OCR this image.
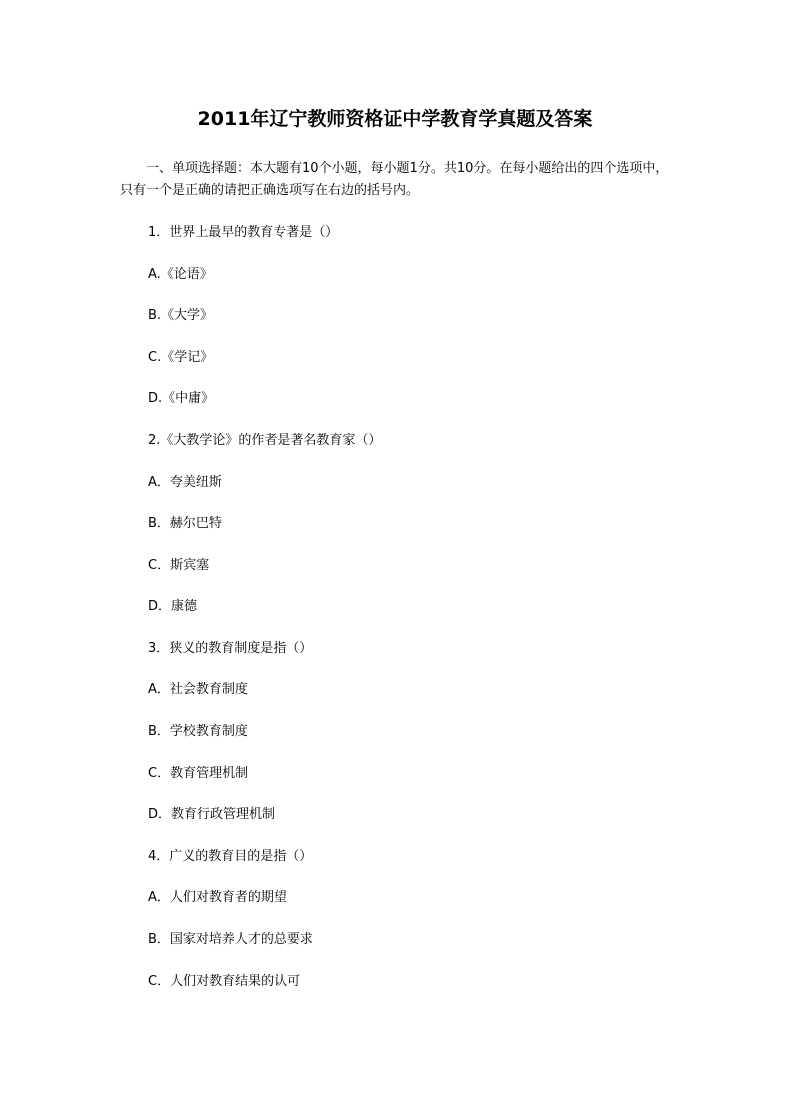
2011年辽宁教师资格证中学教育学真题及答案
一、单项选择题：本大题有10个小题，每小题1分。共10分。在每小题给出的四个选项中，只有一个是正确的请把正确选项写在右边的括号内。
1．世界上最早的教育专著是（）
A.《论语》
B.《大学》
C.《学记》
D.《中庸》
2.《大教学论》的作者是著名教育家（）
A．夸美纽斯
B．赫尔巴特
C．斯宾塞
D．康德
3．狭义的教育制度是指（）
A．社会教育制度
B．学校教育制度
C．教育管理机制
D．教育行政管理机制
4．广义的教育目的是指（）
A．人们对教育者的期望
B．国家对培养人才的总要求
C．人们对教育结果的认可
